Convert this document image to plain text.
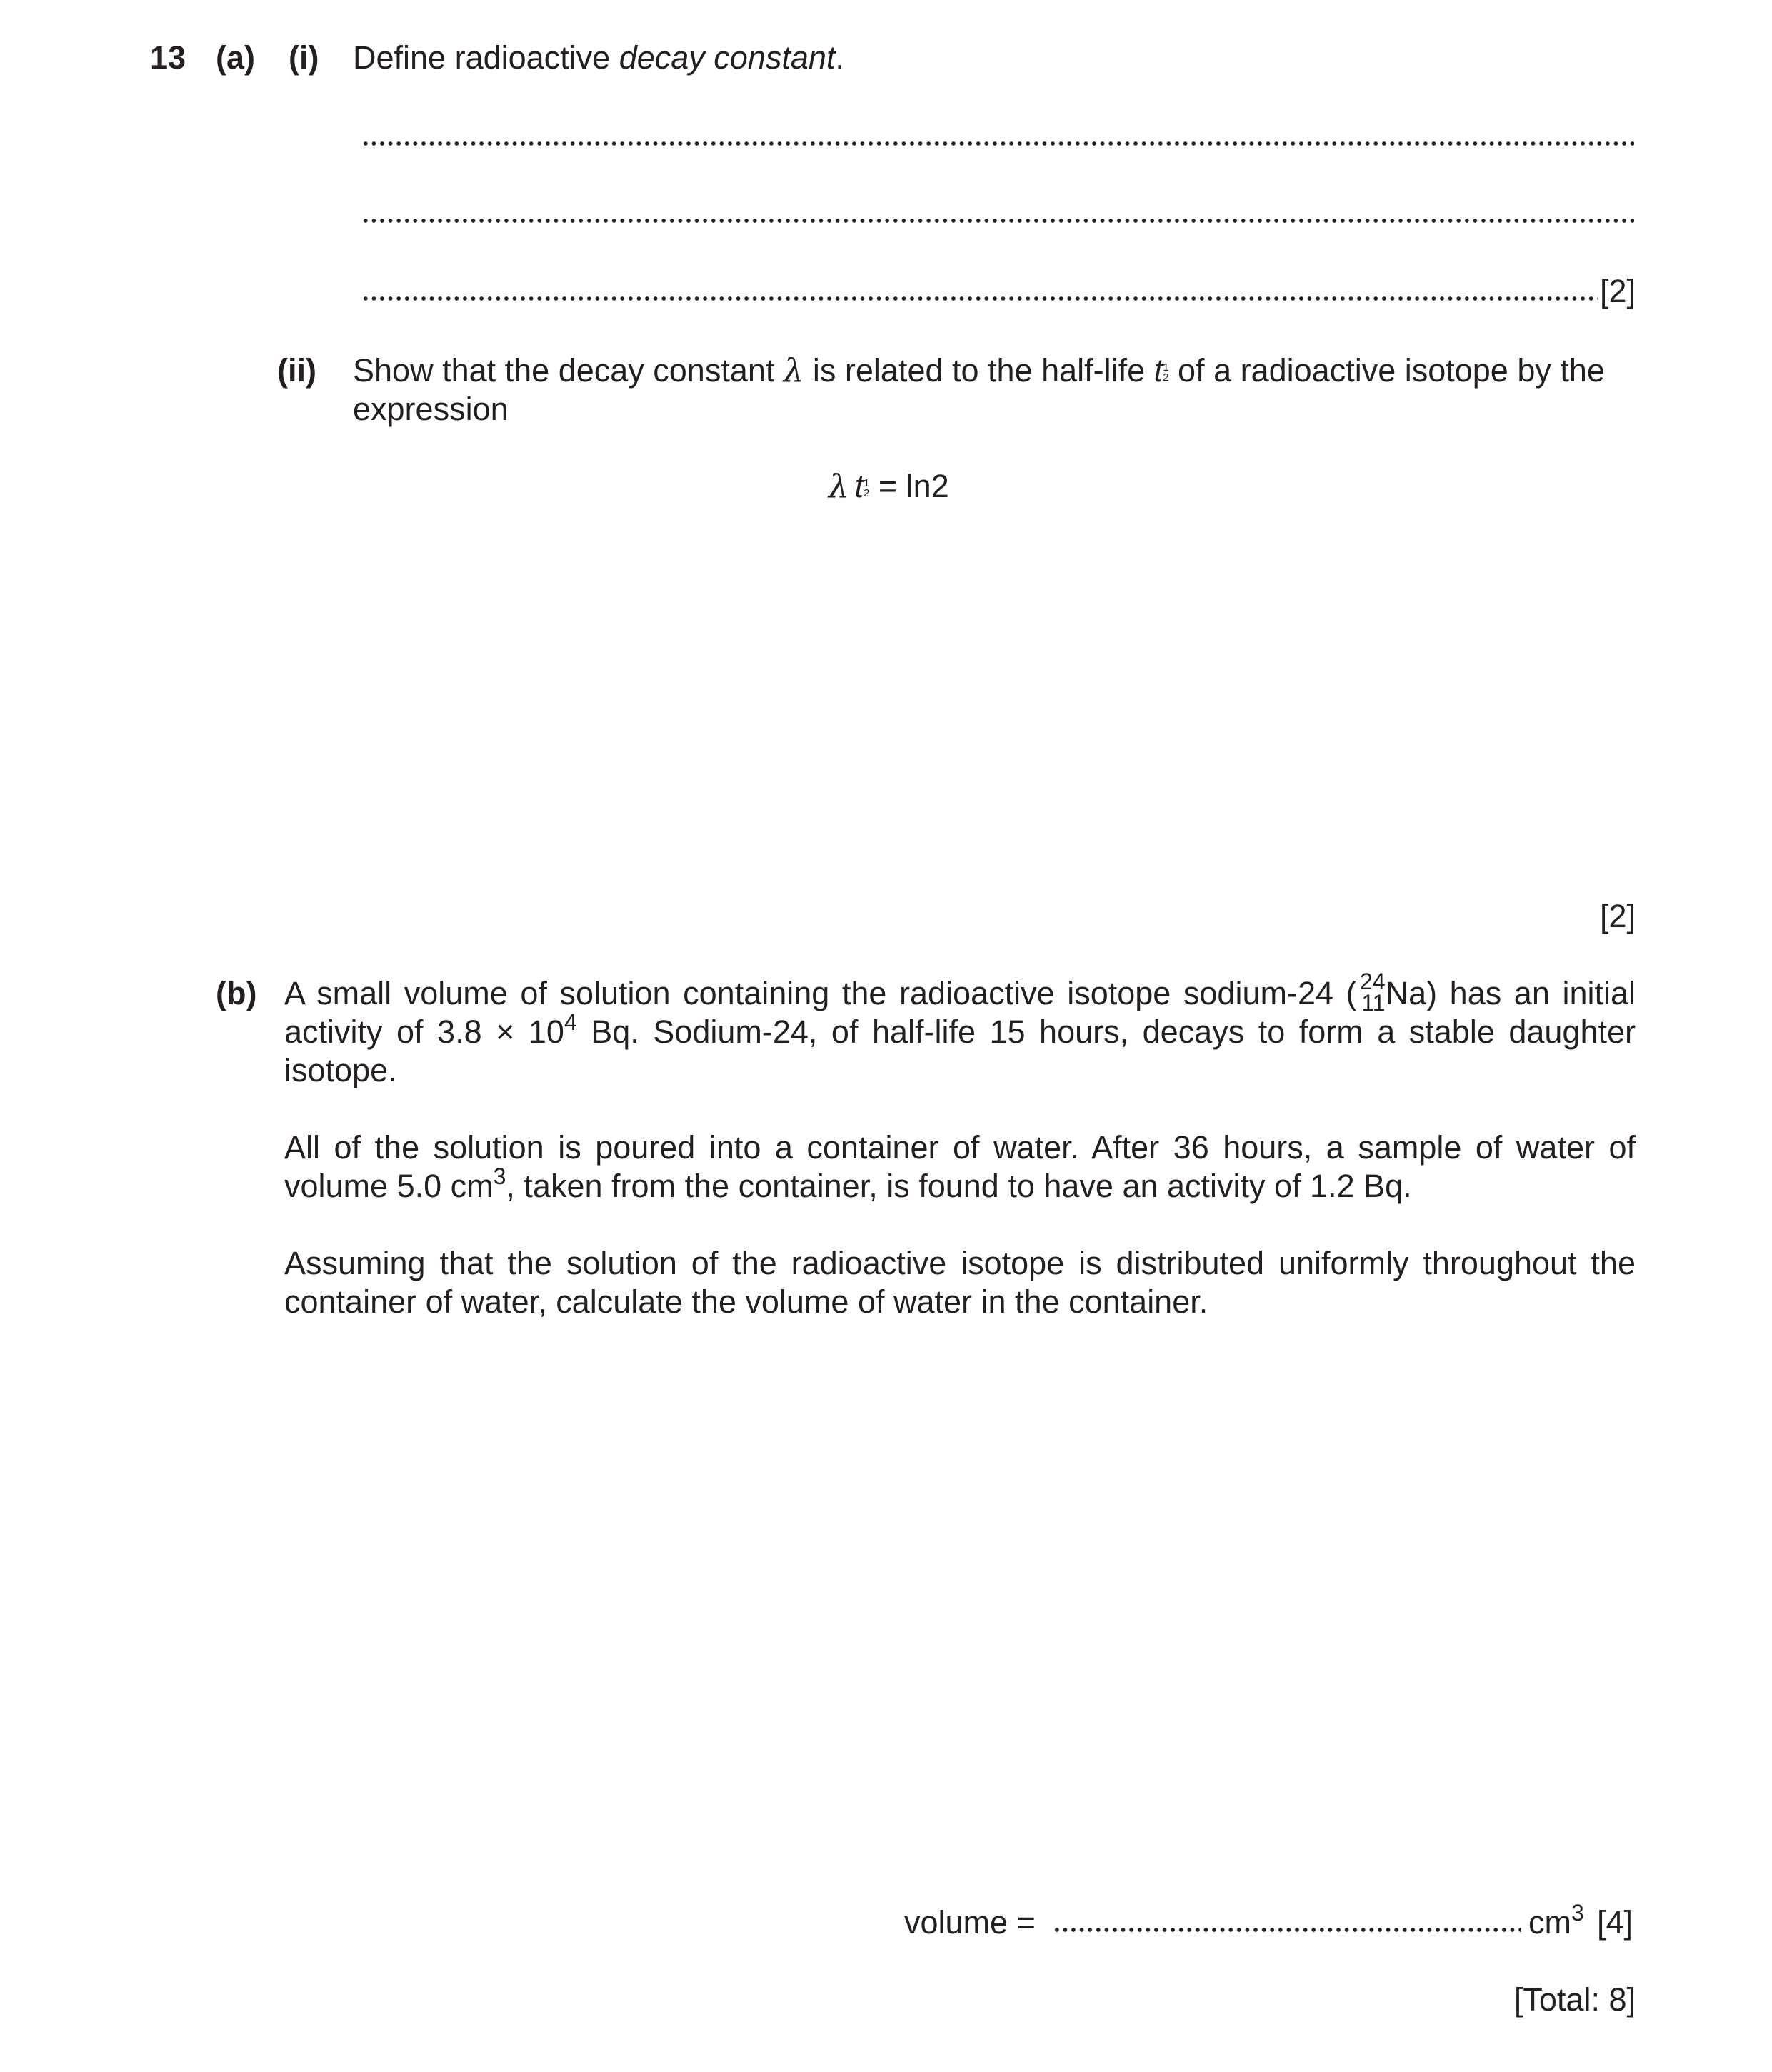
13 (a) (i) Define radioactive decay constant.
[2]
(ii) Show that the decay constant λ is related to the half-life t 1
2 of a radioactive isotope by the
expression
λ t 1
2 = ln2
[2]
(b) A small volume of solution containing the radioactive isotope sodium-24 ( 24
11 Na) has an initial activity of $3.8 \times 10^4$ Bq. Sodium-24, of half-life 15 hours, decays to form a stable daughter isotope.
All of the solution is poured into a container of water. After 36 hours, a sample of water of volume 5.0 $cm^3$, taken from the container, is found to have an activity of 1.2 Bq.
Assuming that the solution of the radioactive isotope is distributed uniformly throughout the container of water, calculate the volume of water in the container.
volume =	$cm^3$ [4]
[Total: 8]
